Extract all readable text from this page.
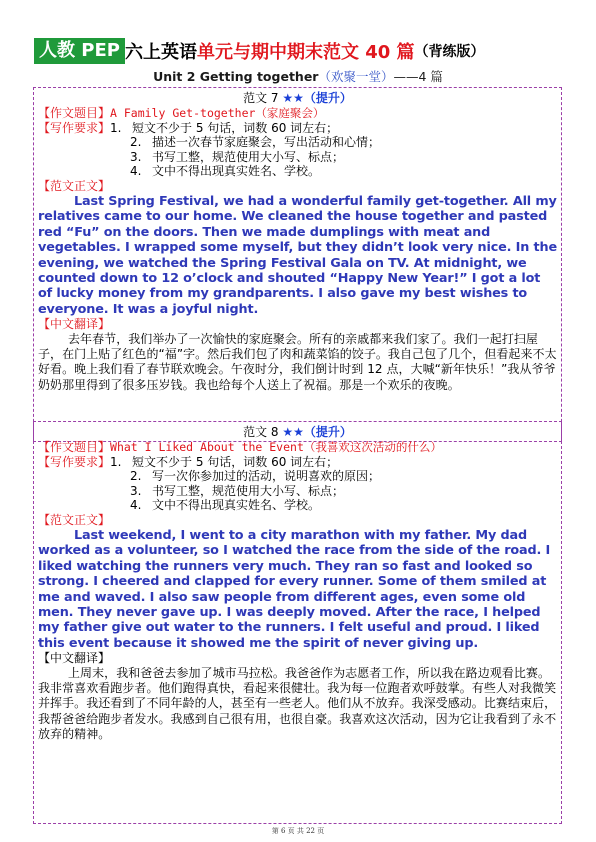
人教 PEP 六上英语单元与期中期末范文 40 篇（背练版）
Unit 2 Getting together（欢聚一堂）——4 篇
范文 7 ★★（提升）
【作文题目】A Family Get-together（家庭聚会）
【写作要求】1. 短文不少于 5 句话，词数 60 词左右；
2. 描述一次春节家庭聚会，写出活动和心情；
3. 书写工整，规范使用大小写、标点；
4. 文中不得出现真实姓名、学校。
【范文正文】
Last Spring Festival, we had a wonderful family get-together. All my relatives came to our home. We cleaned the house together and pasted red “Fu” on the doors. Then we made dumplings with meat and vegetables. I wrapped some myself, but they didn’t look very nice. In the evening, we watched the Spring Festival Gala on TV. At midnight, we counted down to 12 o’clock and shouted “Happy New Year!” I got a lot of lucky money from my grandparents. I also gave my best wishes to everyone. It was a joyful night.
【中文翻译】
去年春节，我们举办了一次愉快的家庭聚会。所有的亲戚都来我们家了。我们一起打扫屋子，在门上贴了红色的“福”字。然后我们包了肉和蔬菜馅的饺子。我自己包了几个，但看起来不太好看。晚上我们看了春节联欢晚会。午夜时分，我们倒计时到 12 点，大喊“新年快乐！”我从爷爷奶奶那里得到了很多压岁钱。我也给每个人送上了祝福。那是一个欢乐的夜晚。
范文 8 ★★（提升）
【作文题目】What I Liked About the Event（我喜欢这次活动的什么）
【写作要求】1. 短文不少于 5 句话，词数 60 词左右；
2. 写一次你参加过的活动，说明喜欢的原因；
3. 书写工整，规范使用大小写、标点；
4. 文中不得出现真实姓名、学校。
【范文正文】
Last weekend, I went to a city marathon with my father. My dad worked as a volunteer, so I watched the race from the side of the road. I liked watching the runners very much. They ran so fast and looked so strong. I cheered and clapped for every runner. Some of them smiled at me and waved. I also saw people from different ages, even some old men. They never gave up. I was deeply moved. After the race, I helped my father give out water to the runners. I felt useful and proud. I liked this event because it showed me the spirit of never giving up.
【中文翻译】
上周末，我和爸爸去参加了城市马拉松。我爸爸作为志愿者工作，所以我在路边观看比赛。我非常喜欢看跑步者。他们跑得真快，看起来很健壮。我为每一位跑者欢呼鼓掌。有些人对我微笑并挥手。我还看到了不同年龄的人，甚至有一些老人。他们从不放弃。我深受感动。比赛结束后，我帮爸爸给跑步者发水。我感到自己很有用，也很自豪。我喜欢这次活动，因为它让我看到了永不放弃的精神。
第 6 页 共 22 页
